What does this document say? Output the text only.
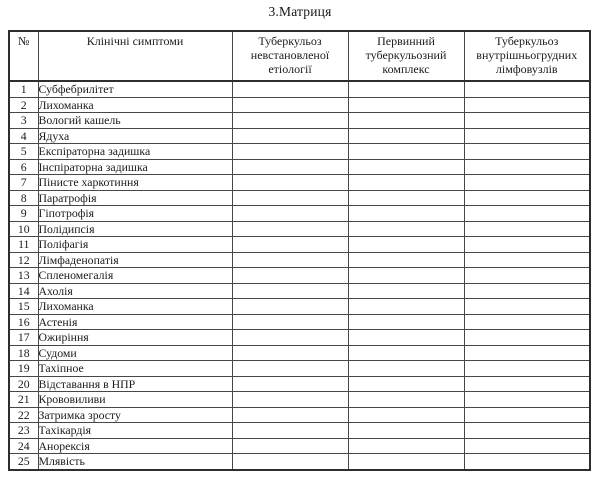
3.Матриця
№	Клінічні симптоми	Туберкульоз невстановленої етіології	Первинний туберкульозний комплекс	Туберкульоз внутрішньогрудних лімфовузлів
1	Субфебрилітет			
2	Лихоманка			
3	Вологий кашель			
4	Ядуха			
5	Експіраторна задишка			
6	Інспіраторна задишка			
7	Пінисте харкотиння			
8	Паратрофія			
9	Гіпотрофія			
10	Полідипсія			
11	Поліфагія			
12	Лімфаденопатія			
13	Спленомегалія			
14	Ахолія			
15	Лихоманка			
16	Астенія			
17	Ожиріння			
18	Судоми			
19	Тахіпное			
20	Відставання в НПР			
21	Крововиливи			
22	Затримка зросту			
23	Тахікардія			
24	Анорексія			
25	Млявість			
